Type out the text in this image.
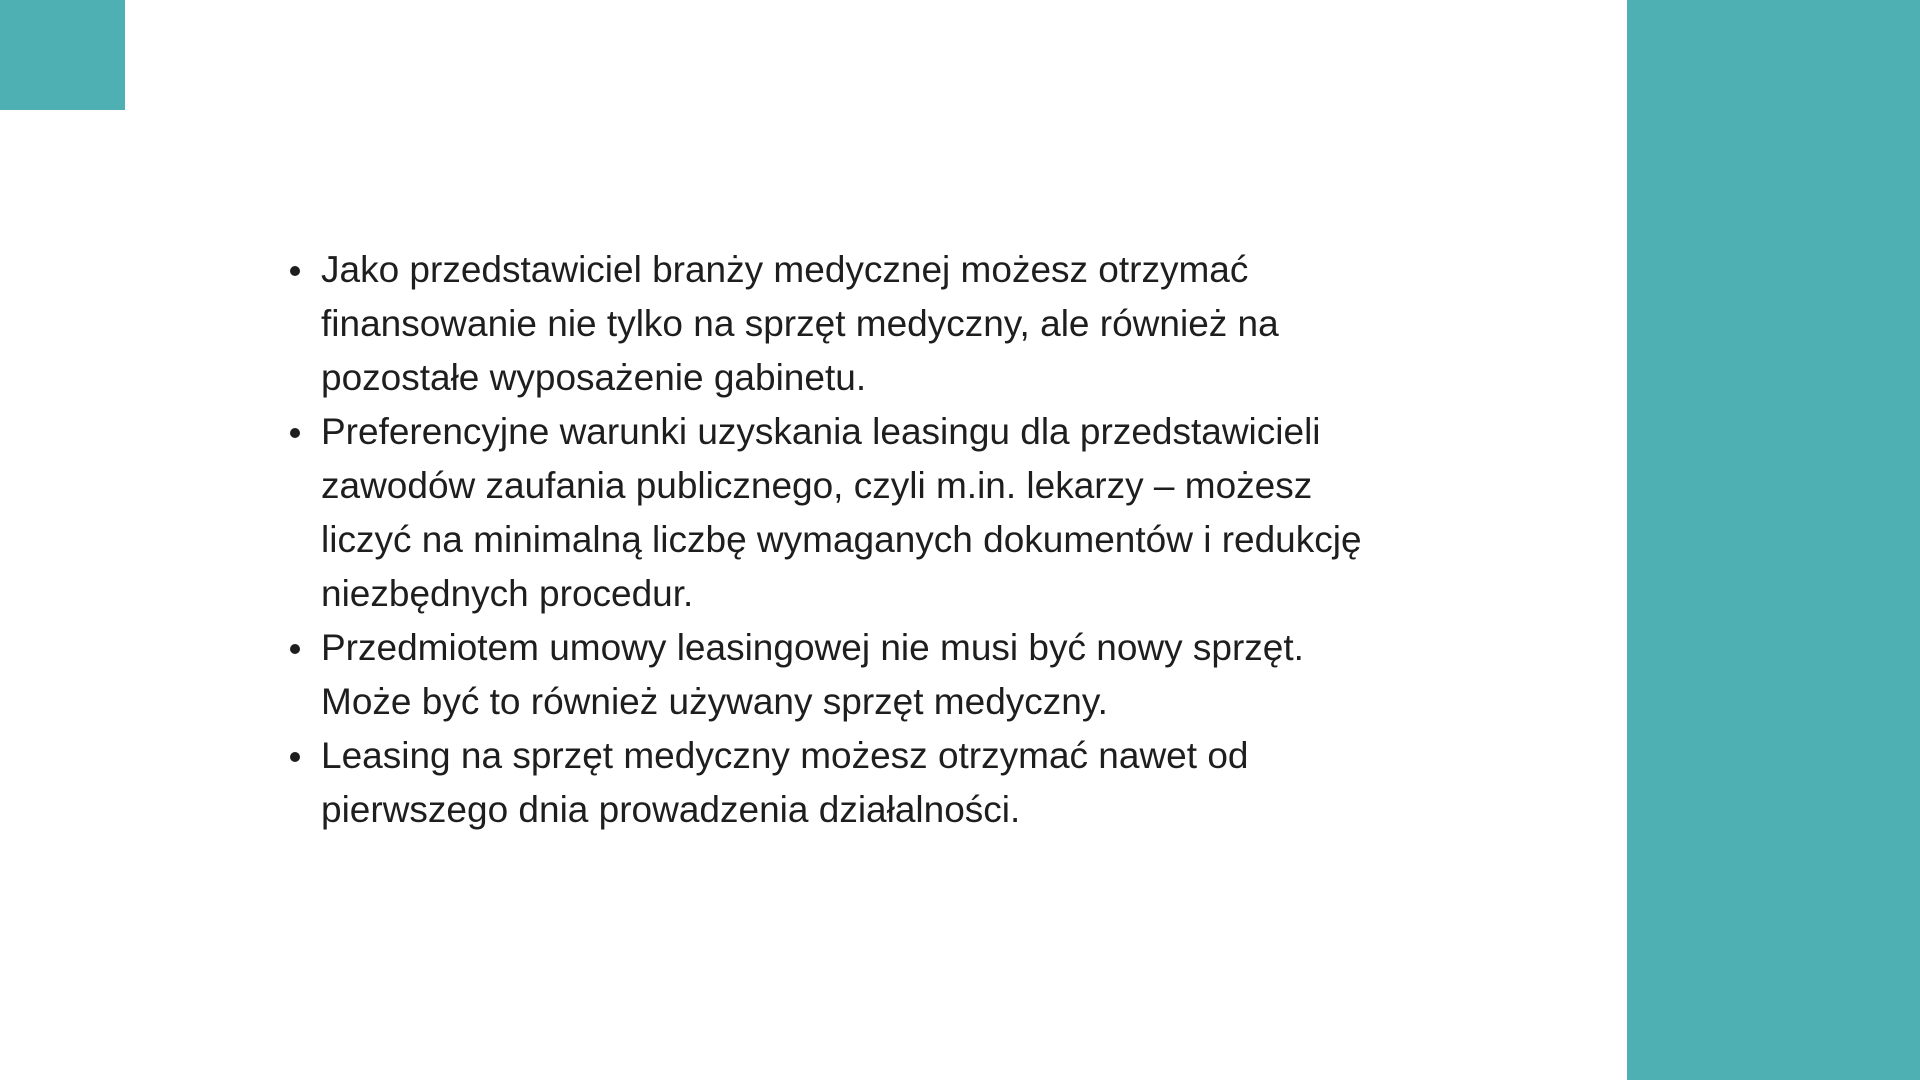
Jako przedstawiciel branży medycznej możesz otrzymać
finansowanie nie tylko na sprzęt medyczny, ale również na
pozostałe wyposażenie gabinetu.
Preferencyjne warunki uzyskania leasingu dla przedstawicieli
zawodów zaufania publicznego, czyli m.in. lekarzy – możesz
liczyć na minimalną liczbę wymaganych dokumentów i redukcję
niezbędnych procedur.
Przedmiotem umowy leasingowej nie musi być nowy sprzęt.
Może być to również używany sprzęt medyczny.
Leasing na sprzęt medyczny możesz otrzymać nawet od
pierwszego dnia prowadzenia działalności.
